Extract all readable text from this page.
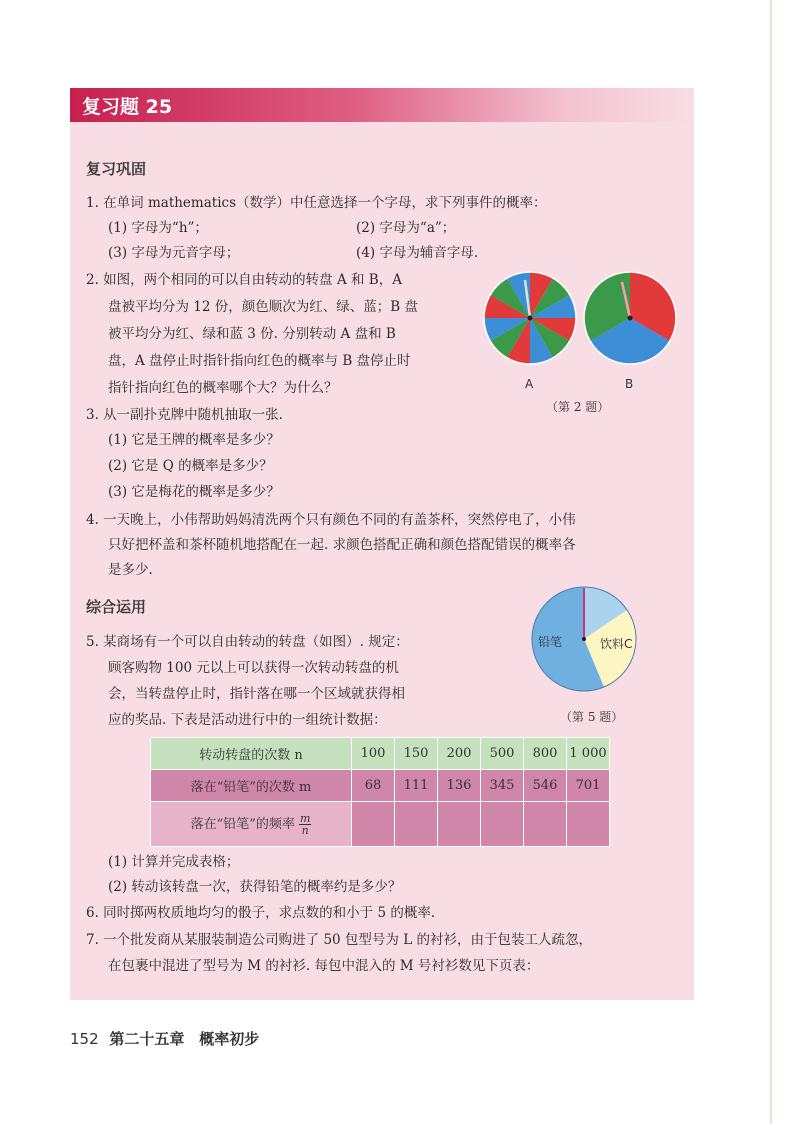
复习题 25
复习巩固
1. 在单词 mathematics（数学）中任意选择一个字母，求下列事件的概率：
(1) 字母为“h”；	(2) 字母为“a”；
(3) 字母为元音字母；	(4) 字母为辅音字母.
2. 如图，两个相同的可以自由转动的转盘 A 和 B，A
盘被平均分为 12 份，颜色顺次为红、绿、蓝；B 盘
被平均分为红、绿和蓝 3 份. 分别转动 A 盘和 B
盘，A 盘停止时指针指向红色的概率与 B 盘停止时
指针指向红色的概率哪个大？为什么？	A	B
（第 2 题）
3. 从一副扑克牌中随机抽取一张.
(1) 它是王牌的概率是多少？
(2) 它是 Q 的概率是多少？
(3) 它是梅花的概率是多少？
4. 一天晚上，小伟帮助妈妈清洗两个只有颜色不同的有盖茶杯，突然停电了，小伟
只好把杯盖和茶杯随机地搭配在一起. 求颜色搭配正确和颜色搭配错误的概率各
是多少.
综合运用
5. 某商场有一个可以自由转动的转盘（如图）. 规定：
顾客购物 100 元以上可以获得一次转动转盘的机
会，当转盘停止时，指针落在哪一个区域就获得相
应的奖品. 下表是活动进行中的一组统计数据：
铅笔	饮料C
（第 5 题）
转动转盘的次数 n	100	150	200	500	800	1 000
落在“铅笔”的次数 m	68	111	136	345	546	701
落在“铅笔”的频率 $\frac{m}{n}$

(1) 计算并完成表格；
(2) 转动该转盘一次，获得铅笔的概率约是多少？
6. 同时掷两枚质地均匀的骰子，求点数的和小于 5 的概率.
7. 一个批发商从某服装制造公司购进了 50 包型号为 L 的衬衫，由于包装工人疏忽，
在包裹中混进了型号为 M 的衬衫. 每包中混入的 M 号衬衫数见下页表：
152 第二十五章 概率初步
